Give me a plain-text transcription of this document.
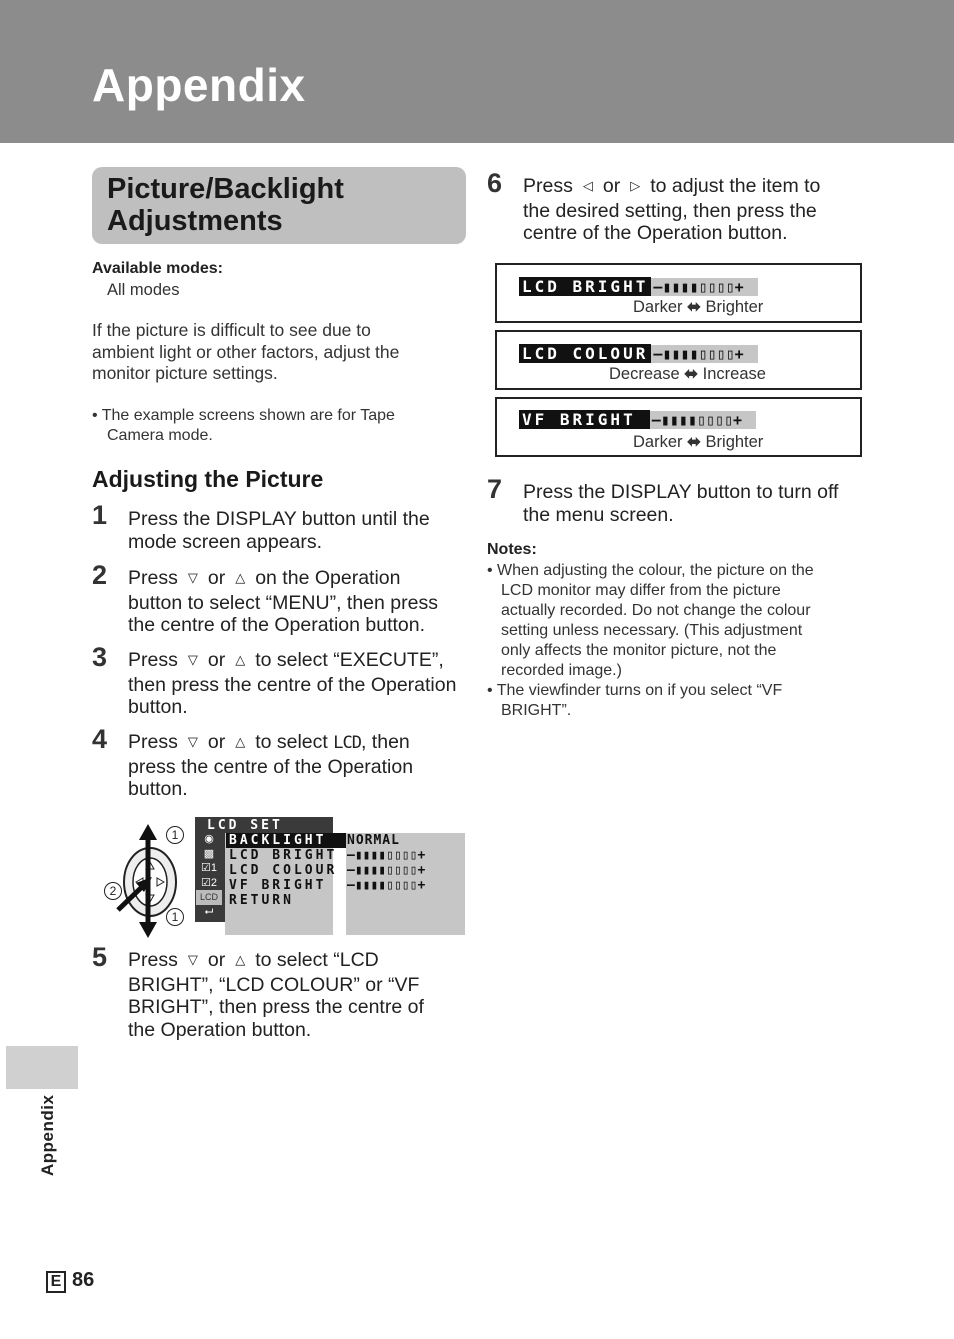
Appendix
Picture/Backlight
Adjustments
Available modes:
All modes
If the picture is difficult to see due to
ambient light or other factors, adjust the
monitor picture settings.
• The example screens shown are for Tape
Camera mode.
Adjusting the Picture
1 Press the DISPLAY button until the
mode screen appears.
2 Press ▽ or △ on the Operation
button to select “MENU”, then press
the centre of the Operation button.
3 Press ▽ or △ to select “EXECUTE”,
then press the centre of the Operation
button.
4 Press ▽ or △ to select LCD, then
press the centre of the Operation
button.
1
2
1
◉
▩
☑1
☑2
LCD
⮠
LCD SET
BACKLIGHT
LCD BRIGHT
LCD COLOUR
VF BRIGHT
RETURN
NORMAL
–▮▮▮▮▯▯▯▯+
–▮▮▮▮▯▯▯▯+
–▮▮▮▮▯▯▯▯+
5 Press ▽ or △ to select “LCD
BRIGHT”, “LCD COLOUR” or “VF
BRIGHT”, then press the centre of
the Operation button.
6 Press ◁ or ▷ to adjust the item to
the desired setting, then press the
centre of the Operation button.
LCD BRIGHT –▮▮▮▮▯▯▯▯+
Darker ⬌ Brighter
LCD COLOUR –▮▮▮▮▯▯▯▯+
Decrease ⬌ Increase
VF BRIGHT	–▮▮▮▮▯▯▯▯+
Darker ⬌ Brighter
7 Press the DISPLAY button to turn off
the menu screen.
Notes:
• When adjusting the colour, the picture on the
LCD monitor may differ from the picture
actually recorded. Do not change the colour
setting unless necessary. (This adjustment
only affects the monitor picture, not the
recorded image.)
• The viewfinder turns on if you select “VF
BRIGHT”.
Appendix
E 86
